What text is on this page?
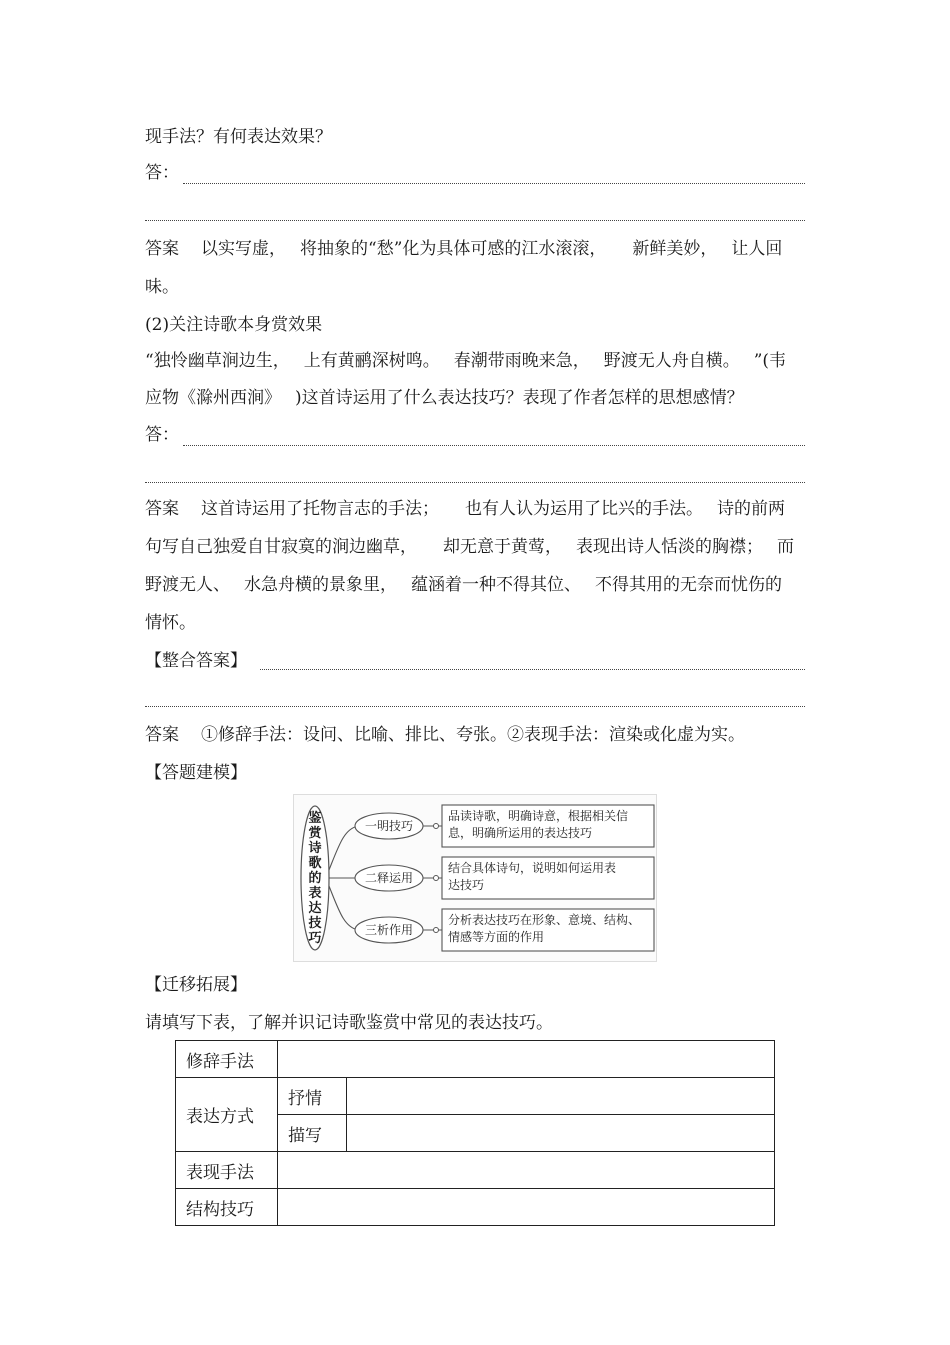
现手法？有何表达效果？
答：
答案 以实写虚， 将抽象的“愁”化为具体可感的江水滚滚， 新鲜美妙， 让人回
味。
(2)关注诗歌本身赏效果
“独怜幽草涧边生， 上有黄鹂深树鸣。 春潮带雨晚来急， 野渡无人舟自横。 ”(韦
应物《滁州西涧》 )这首诗运用了什么表达技巧？表现了作者怎样的思想感情？
答：
答案 这首诗运用了托物言志的手法； 也有人认为运用了比兴的手法。 诗的前两
句写自己独爱自甘寂寞的涧边幽草， 却无意于黄莺， 表现出诗人恬淡的胸襟； 而
野渡无人、 水急舟横的景象里， 蕴涵着一种不得其位、 不得其用的无奈而忧伤的
情怀。
【整合答案】
答案 ①修辞手法：设问、比喻、排比、夸张。②表现手法：渲染或化虚为实。
【答题建模】
鉴
赏
诗
歌
的
表
达
技
巧
一明技巧
二释运用
三析作用
品读诗歌，明确诗意，根据相关信
息，明确所运用的表达技巧
结合具体诗句，说明如何运用表
达技巧
分析表达技巧在形象、意境、结构、
情感等方面的作用
【迁移拓展】
请填写下表，了解并识记诗歌鉴赏中常见的表达技巧。
修辞手法		
表达方式	抒情	
	描写	
表现手法		
结构技巧		
